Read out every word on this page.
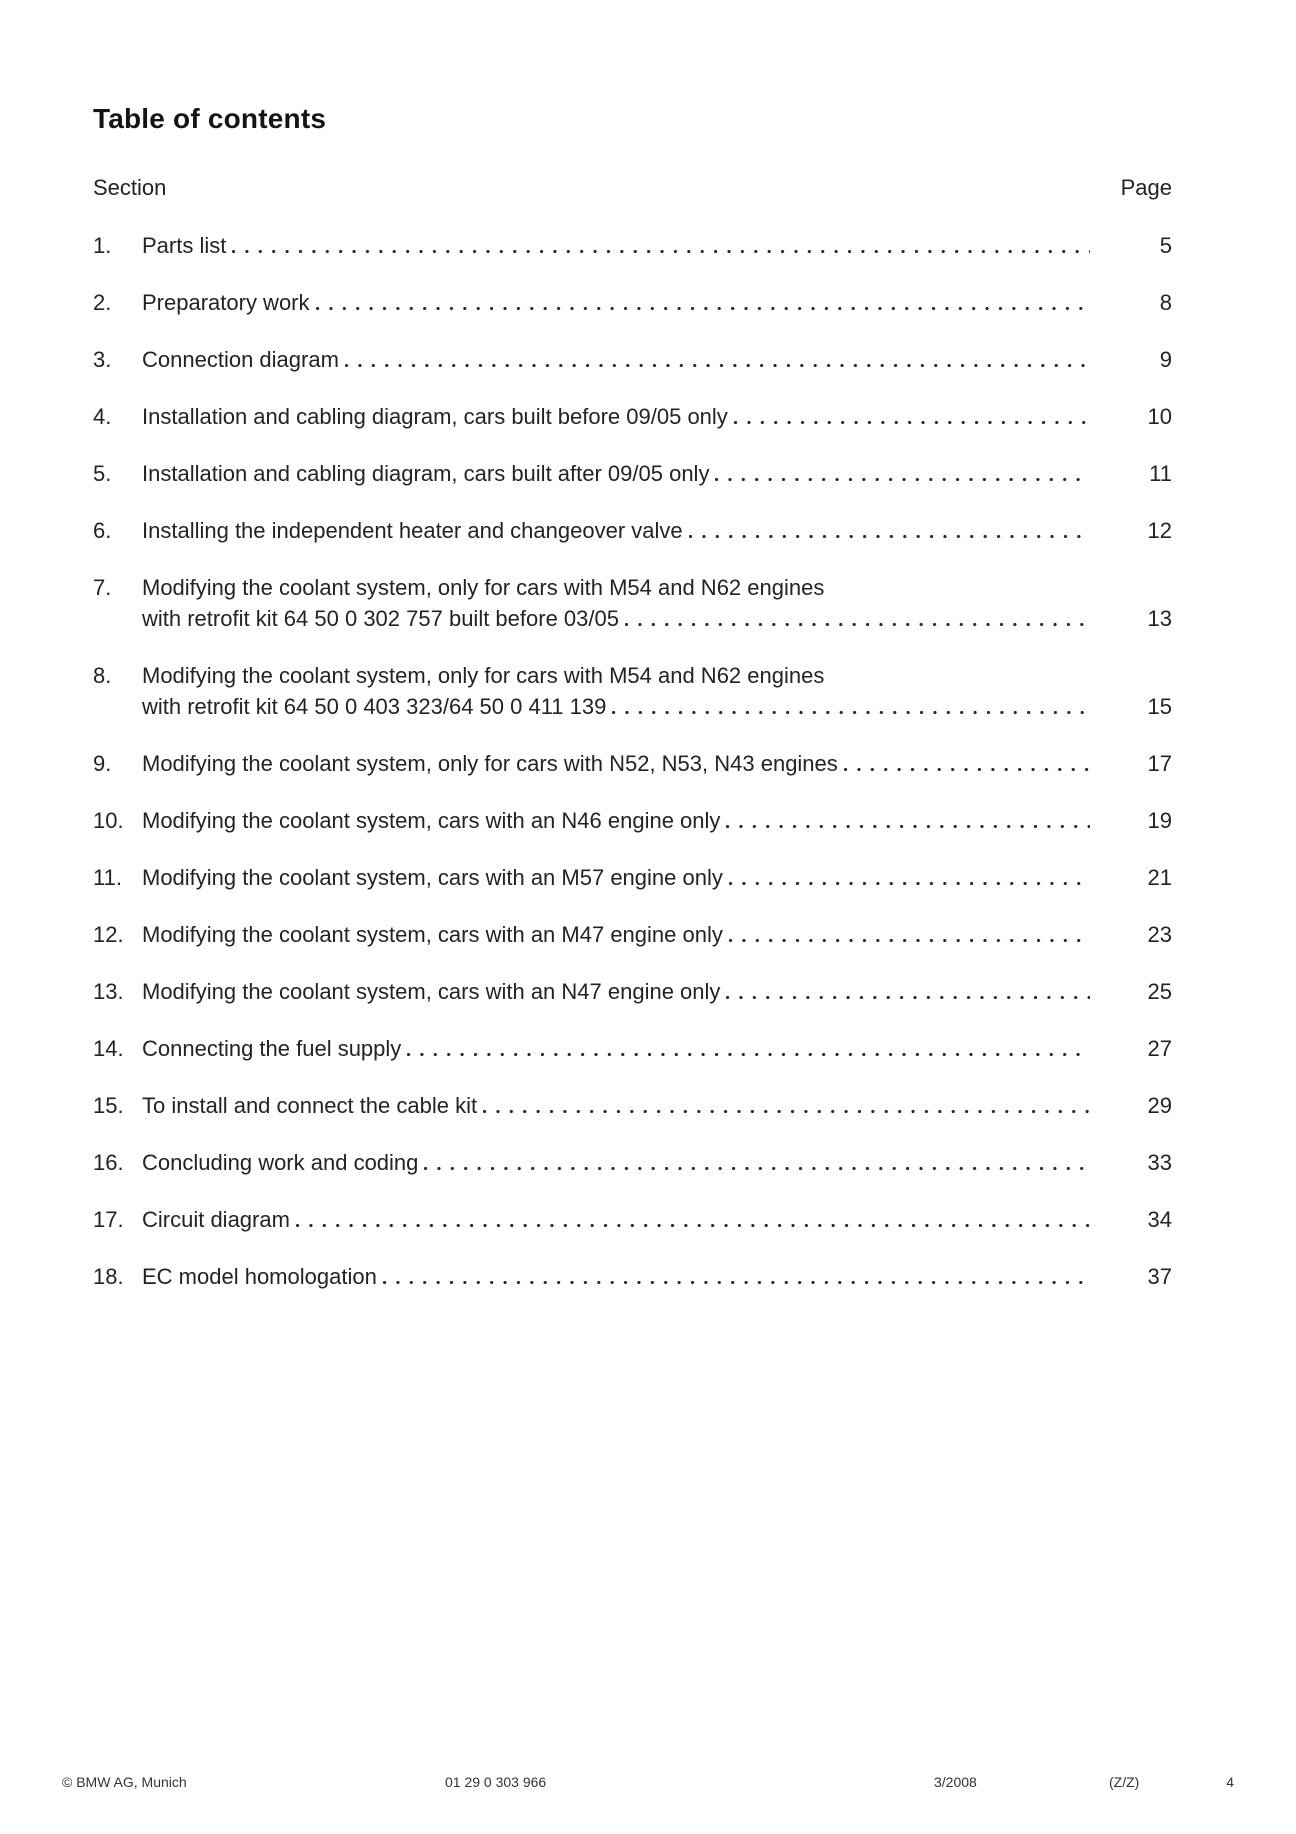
Table of contents
Section	Page
1.	Parts list	5
2.	Preparatory work	8
3.	Connection diagram	9
4.	Installation and cabling diagram, cars built before 09/05 only	10
5.	Installation and cabling diagram, cars built after 09/05 only	11
6.	Installing the independent heater and changeover valve	12
7.	Modifying the coolant system, only for cars with M54 and N62 engines
with retrofit kit 64 50 0 302 757 built before 03/05	13
8.	Modifying the coolant system, only for cars with M54 and N62 engines
with retrofit kit 64 50 0 403 323/64 50 0 411 139	15
9.	Modifying the coolant system, only for cars with N52, N53, N43 engines	17
10. Modifying the coolant system, cars with an N46 engine only	19
11. Modifying the coolant system, cars with an M57 engine only	21
12. Modifying the coolant system, cars with an M47 engine only	23
13. Modifying the coolant system, cars with an N47 engine only	25
14. Connecting the fuel supply	27
15. To install and connect the cable kit	29
16. Concluding work and coding	33
17. Circuit diagram	34
18. EC model homologation	37
© BMW AG, Munich	01 29 0 303 966	3/2008	(Z/Z)	4
